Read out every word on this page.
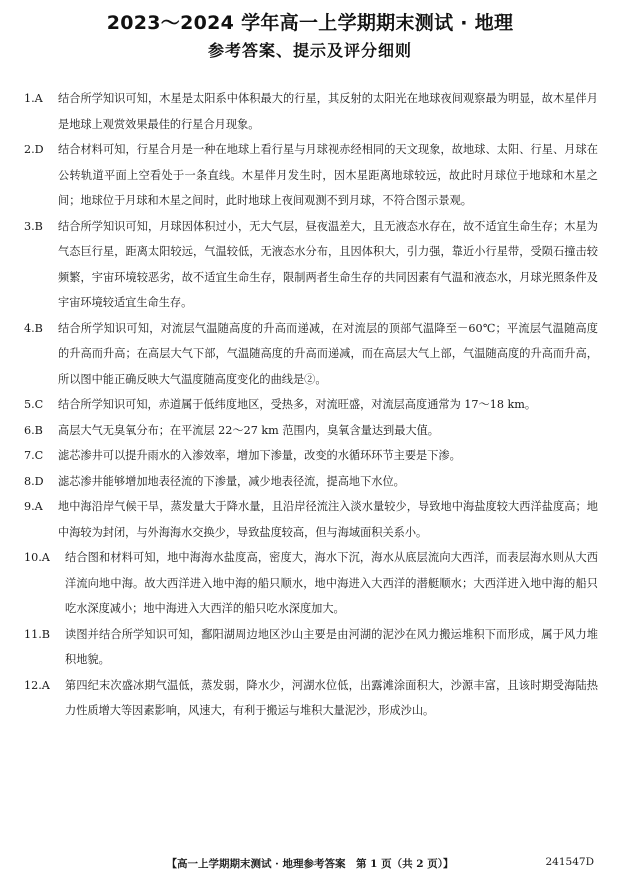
2023～2024 学年高一上学期期末测试 · 地理
参考答案、提示及评分细则
1.A	结合所学知识可知，木星是太阳系中体积最大的行星，其反射的太阳光在地球夜间观察最为明显，故木星伴月是地球上观赏效果最佳的行星合月现象。
2.D	结合材料可知，行星合月是一种在地球上看行星与月球视赤经相同的天文现象，故地球、太阳、行星、月球在公转轨道平面上空看处于一条直线。木星伴月发生时，因木星距离地球较远，故此时月球位于地球和木星之间；地球位于月球和木星之间时，此时地球上夜间观测不到月球，不符合图示景观。
3.B	结合所学知识可知，月球因体积过小，无大气层，昼夜温差大，且无液态水存在，故不适宜生命生存；木星为气态巨行星，距离太阳较远，气温较低，无液态水分布，且因体积大，引力强，靠近小行星带，受陨石撞击较频繁，宇宙环境较恶劣，故不适宜生命生存，限制两者生命生存的共同因素有气温和液态水，月球光照条件及宇宙环境较适宜生命生存。
4.B	结合所学知识可知，对流层气温随高度的升高而递减，在对流层的顶部气温降至－60℃；平流层气温随高度的升高而升高；在高层大气下部，气温随高度的升高而递减，而在高层大气上部，气温随高度的升高而升高，所以图中能正确反映大气温度随高度变化的曲线是②。
5.C	结合所学知识可知，赤道属于低纬度地区，受热多，对流旺盛，对流层高度通常为 17～18 km。
6.B	高层大气无臭氧分布；在平流层 22～27 km 范围内，臭氧含量达到最大值。
7.C	滤芯渗井可以提升雨水的入渗效率，增加下渗量，改变的水循环环节主要是下渗。
8.D	滤芯渗井能够增加地表径流的下渗量，减少地表径流，提高地下水位。
9.A	地中海沿岸气候干旱，蒸发量大于降水量，且沿岸径流注入淡水量较少，导致地中海盐度较大西洋盐度高；地中海较为封闭，与外海海水交换少，导致盐度较高，但与海域面积关系小。
10.A	结合图和材料可知，地中海海水盐度高，密度大，海水下沉，海水从底层流向大西洋，而表层海水则从大西洋流向地中海。故大西洋进入地中海的船只顺水，地中海进入大西洋的潜艇顺水；大西洋进入地中海的船只吃水深度减小；地中海进入大西洋的船只吃水深度加大。
11.B	读图并结合所学知识可知，鄱阳湖周边地区沙山主要是由河湖的泥沙在风力搬运堆积下而形成，属于风力堆积地貌。
12.A	第四纪末次盛冰期气温低，蒸发弱，降水少，河湖水位低，出露滩涂面积大，沙源丰富，且该时期受海陆热力性质增大等因素影响，风速大，有利于搬运与堆积大量泥沙，形成沙山。
【高一上学期期末测试 · 地理参考答案　第 1 页（共 2 页）】	241547D
